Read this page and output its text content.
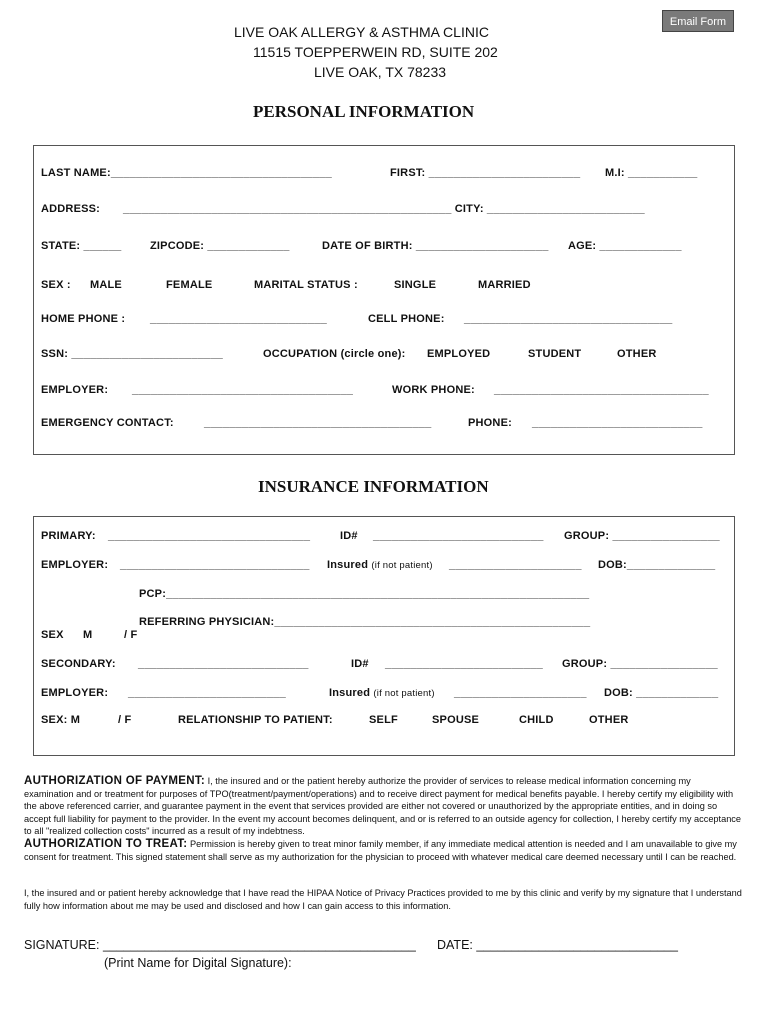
Email Form
LIVE OAK ALLERGY & ASTHMA CLINIC
11515 TOEPPERWEIN RD, SUITE 202
LIVE OAK, TX 78233
PERSONAL INFORMATION
LAST NAME:___________________________________	FIRST: ________________________ M.I: ___________
ADDRESS: ____________________________________________________ CITY: _________________________
STATE: ______	ZIPCODE: _____________	DATE OF BIRTH: _____________________ AGE: _____________
SEX : MALE	FEMALE	MARITAL STATUS :	SINGLE	MARRIED
HOME PHONE : ____________________________	CELL PHONE: _________________________________
SSN: ________________________	OCCUPATION (circle one): EMPLOYED	STUDENT	OTHER
EMPLOYER: ___________________________________	WORK PHONE: __________________________________
EMERGENCY CONTACT:	____________________________________	PHONE: ___________________________
INSURANCE INFORMATION
PRIMARY: ________________________________	ID# ___________________________ GROUP: _________________
EMPLOYER: ______________________________ Insured (if not patient) _____________________ DOB:______________
PCP:___________________________________________________________________
REFERRING PHYSICIAN:__________________________________________________
SEX M	/ F
SECONDARY: ___________________________	ID# _________________________ GROUP: _________________
EMPLOYER: _________________________	Insured (if not patient) _____________________ DOB: _____________
SEX: M	/ F	RELATIONSHIP TO PATIENT:	SELF	SPOUSE	CHILD	OTHER
AUTHORIZATION OF PAYMENT: I, the insured and or the patient hereby authorize the provider of services to release medical information concerning my examination and or treatment for purposes of TPO(treatment/payment/operations) and to receive direct payment for medical benefits payable. I hereby certify my eligibility with the above referenced carrier, and guarantee payment in the event that services provided are either not covered or unauthorized by the appropriate entities, and in doing so accept full liability for payment to the provider. In the event my account becomes delinquent, and or is referred to an outside agency for collection, I hereby certify my acceptance to all "realized collection costs" incurred as a result of my indebtness.
AUTHORIZATION TO TREAT: Permission is hereby given to treat minor family member, if any immediate medical attention is needed and I am unavailable to give my consent for treatment. This signed statement shall serve as my authorization for the physician to proceed with whatever medical care deemed necessary until I can be reached.
I, the insured and or patient hereby acknowledge that I have read the HIPAA Notice of Privacy Practices provided to me by this clinic and verify by my signature that I understand fully how information about me may be used and disclosed and how I can gain access to this information.
SIGNATURE: _____________________________________________ DATE: _____________________________
(Print Name for Digital Signature):
